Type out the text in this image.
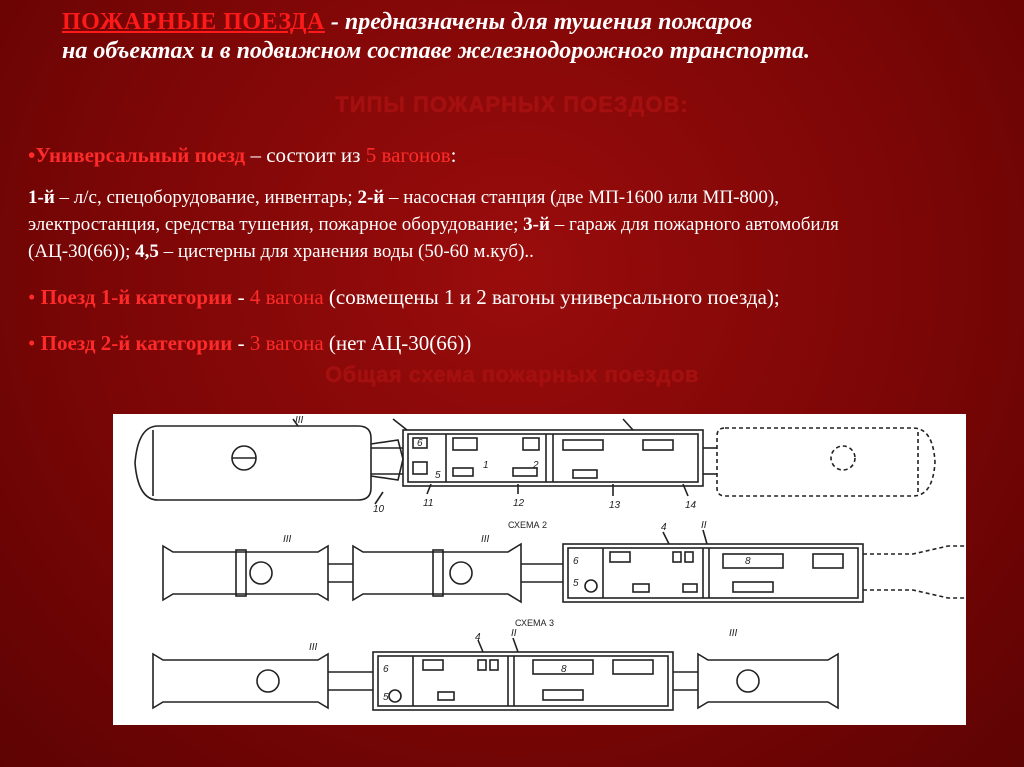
ПОЖАРНЫЕ ПОЕЗДА - предназначены для тушения пожаров
на объектах и в подвижном составе железнодорожного транспорта.
ТИПЫ ПОЖАРНЫХ ПОЕЗДОВ:
•Универсальный поезд – состоит из 5 вагонов:
1-й – л/с, спецоборудование, инвентарь; 2-й – насосная станция (две МП-1600 или МП-800),
электростанция, средства тушения, пожарное оборудование; 3-й – гараж для пожарного автомобиля
(АЦ-30(66)); 4,5 – цистерны для хранения воды (50-60 м.куб)..
• Поезд 1-й категории - 4 вагона (совмещены 1 и 2 вагоны универсального поезда);
• Поезд 2-й категории - 3 вагона (нет АЦ-30(66))
Общая схема пожарных поездов
III
1	2
5
6
10
11	12	13	14
СХЕМА 2
III	III
4	II
6
5
8
СХЕМА 3
III
4	II	III
6
5
8
